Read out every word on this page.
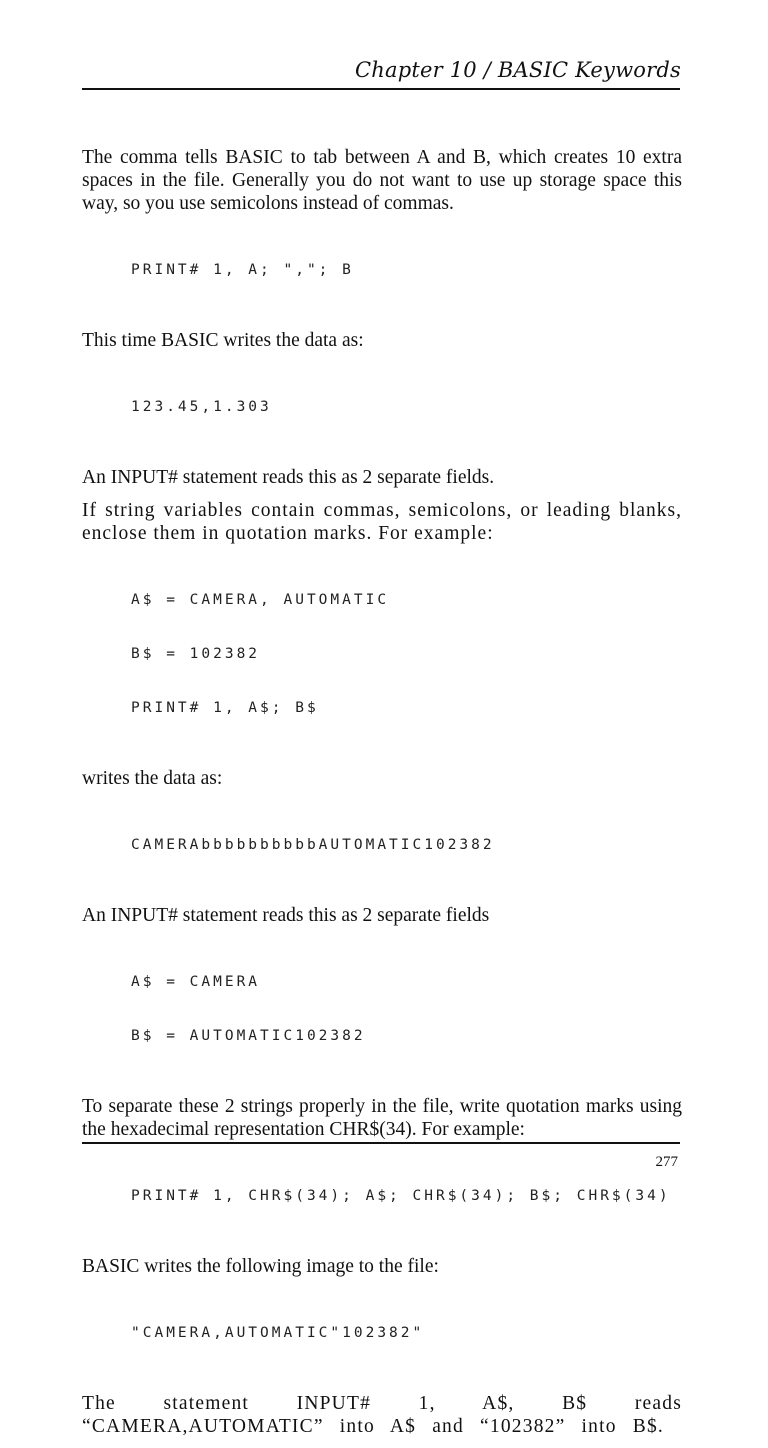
Chapter 10 / BASIC Keywords

The comma tells BASIC to tab between A and B, which creates 10 extra spaces in the file. Generally you do not want to use up storage space this way, so you use semicolons instead of commas.

PRINT# 1, A; ","; B

This time BASIC writes the data as:

123.45,1.303

An INPUT# statement reads this as 2 separate fields.

If string variables contain commas, semicolons, or leading blanks, enclose them in quotation marks. For example:

A$ = CAMERA, AUTOMATIC

B$ = 102382

PRINT# 1, A$; B$

writes the data as:

CAMERAbbbbbbbbbbAUTOMATIC102382

An INPUT# statement reads this as 2 separate fields

A$ = CAMERA

B$ = AUTOMATIC102382

To separate these 2 strings properly in the file, write quotation marks using the hexadecimal representation CHR$(34). For example:

PRINT# 1, CHR$(34); A$; CHR$(34); B$; CHR$(34)

BASIC writes the following image to the file:

"CAMERA,AUTOMATIC"102382"

The statement INPUT# 1, A$, B$ reads “CAMERA,AUTOMATIC” into A$ and “102382” into B$.

277
